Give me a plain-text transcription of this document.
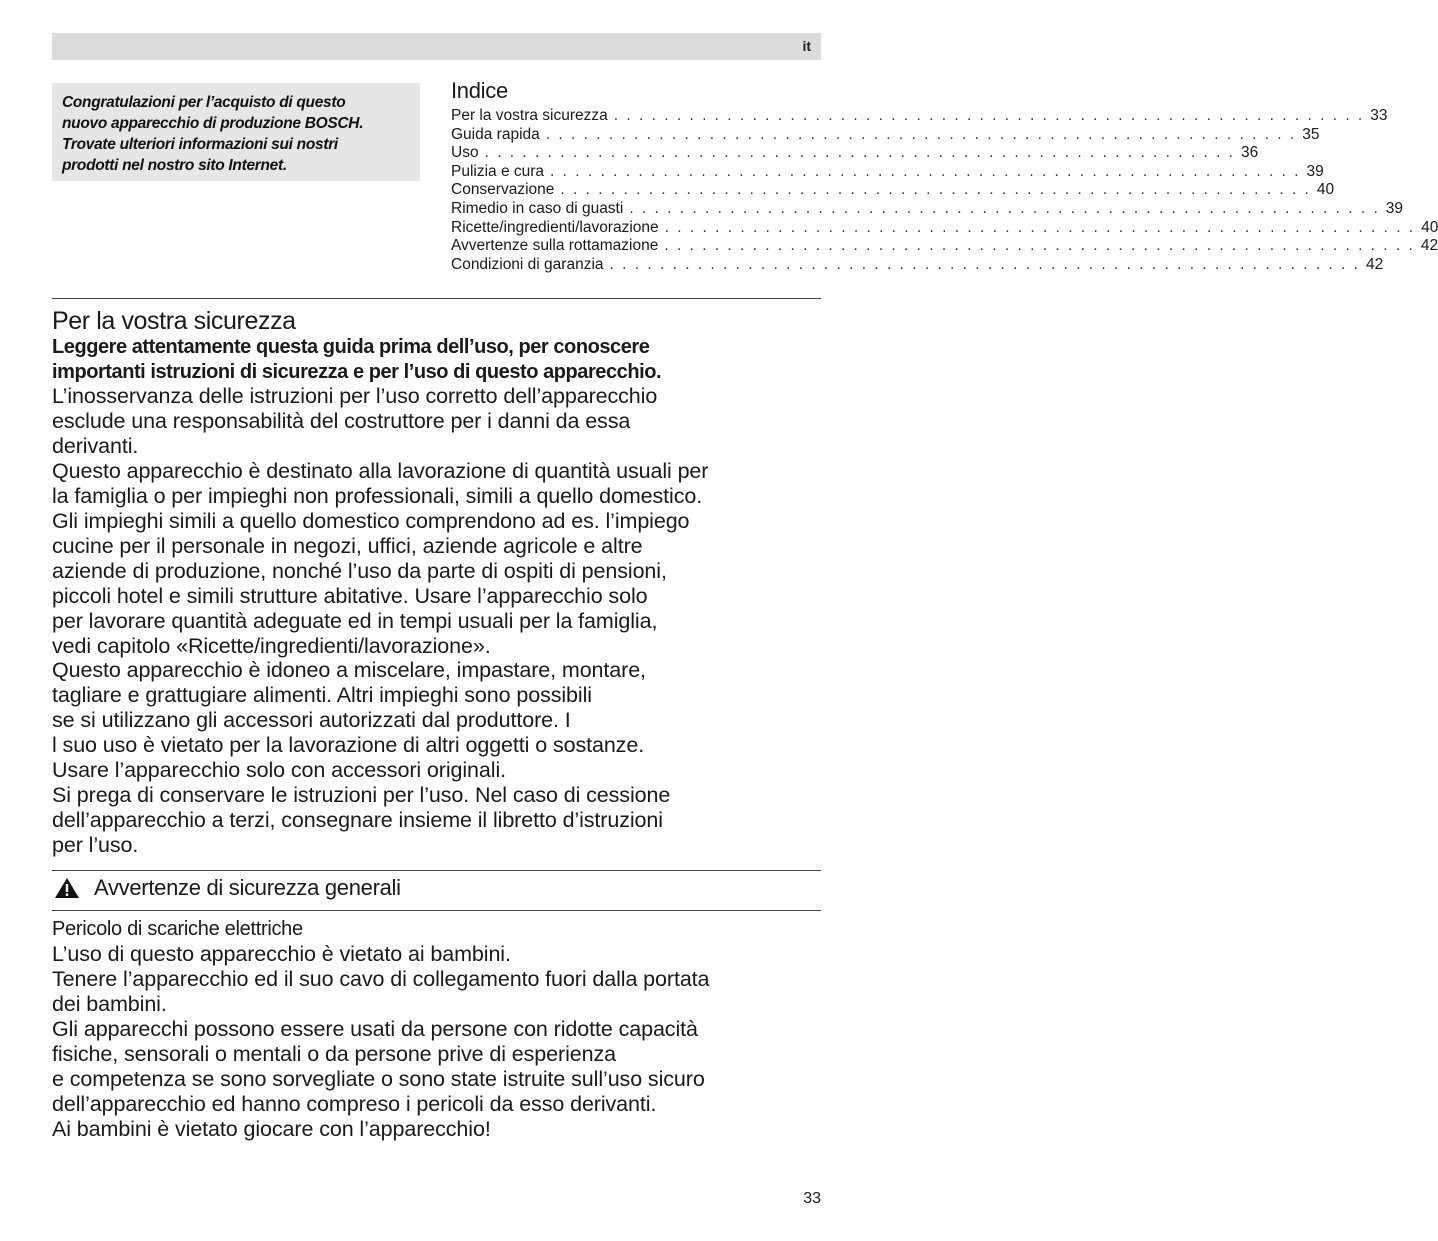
it
Congratulazioni per l’acquisto di questo
nuovo apparecchio di produzione BOSCH.
Trovate ulteriori informazioni sui nostri
prodotti nel nostro sito Internet.
Indice
Per la vostra sicurezza . . . . . . . . . . . . . . . . . . . . . . . . . . . . . . . . . . . . . . . . . . . . . . . . . . . . . . . . . . . . 33
Guida rapida . . . . . . . . . . . . . . . . . . . . . . . . . . . . . . . . . . . . . . . . . . . . . . . . . . . . . . . . . . . . 35
Uso . . . . . . . . . . . . . . . . . . . . . . . . . . . . . . . . . . . . . . . . . . . . . . . . . . . . . . . . . . . . 36
Pulizia e cura . . . . . . . . . . . . . . . . . . . . . . . . . . . . . . . . . . . . . . . . . . . . . . . . . . . . . . . . . . . . 39
Conservazione . . . . . . . . . . . . . . . . . . . . . . . . . . . . . . . . . . . . . . . . . . . . . . . . . . . . . . . . . . . . 40
Rimedio in caso di guasti . . . . . . . . . . . . . . . . . . . . . . . . . . . . . . . . . . . . . . . . . . . . . . . . . . . . . . . . . . . . 39
Ricette/ingredienti/lavorazione . . . . . . . . . . . . . . . . . . . . . . . . . . . . . . . . . . . . . . . . . . . . . . . . . . . . . . . . . . . . 40
Avvertenze sulla rottamazione . . . . . . . . . . . . . . . . . . . . . . . . . . . . . . . . . . . . . . . . . . . . . . . . . . . . . . . . . . . . 42
Condizioni di garanzia . . . . . . . . . . . . . . . . . . . . . . . . . . . . . . . . . . . . . . . . . . . . . . . . . . . . . . . . . . . . 42
Per la vostra sicurezza
Leggere attentamente questa guida prima dell’uso, per conoscere
importanti istruzioni di sicurezza e per l’uso di questo apparecchio.
L’inosservanza delle istruzioni per l’uso corretto dell’apparecchio
esclude una responsabilità del costruttore per i danni da essa
derivanti.
Questo apparecchio è destinato alla lavorazione di quantità usuali per
la famiglia o per impieghi non professionali, simili a quello domestico.
Gli impieghi simili a quello domestico comprendono ad es. l’impiego
cucine per il personale in negozi, uffici, aziende agricole e altre
aziende di produzione, nonché l’uso da parte di ospiti di pensioni,
piccoli hotel e simili strutture abitative. Usare l’apparecchio solo
per lavorare quantità adeguate ed in tempi usuali per la famiglia,
vedi capitolo «Ricette/ingredienti/lavorazione».
Questo apparecchio è idoneo a miscelare, impastare, montare,
tagliare e grattugiare alimenti. Altri impieghi sono possibili
se si utilizzano gli accessori autorizzati dal produttore. I
l suo uso è vietato per la lavorazione di altri oggetti o sostanze.
Usare l’apparecchio solo con accessori originali.
Si prega di conservare le istruzioni per l’uso. Nel caso di cessione
dell’apparecchio a terzi, consegnare insieme il libretto d’istruzioni
per l’uso.
Avvertenze di sicurezza generali
Pericolo di scariche elettriche
L’uso di questo apparecchio è vietato ai bambini.
Tenere l’apparecchio ed il suo cavo di collegamento fuori dalla portata
dei bambini.
Gli apparecchi possono essere usati da persone con ridotte capacità
fisiche, sensorali o mentali o da persone prive di esperienza
e competenza se sono sorvegliate o sono state istruite sull’uso sicuro
dell’apparecchio ed hanno compreso i pericoli da esso derivanti.
Ai bambini è vietato giocare con l’apparecchio!
33
